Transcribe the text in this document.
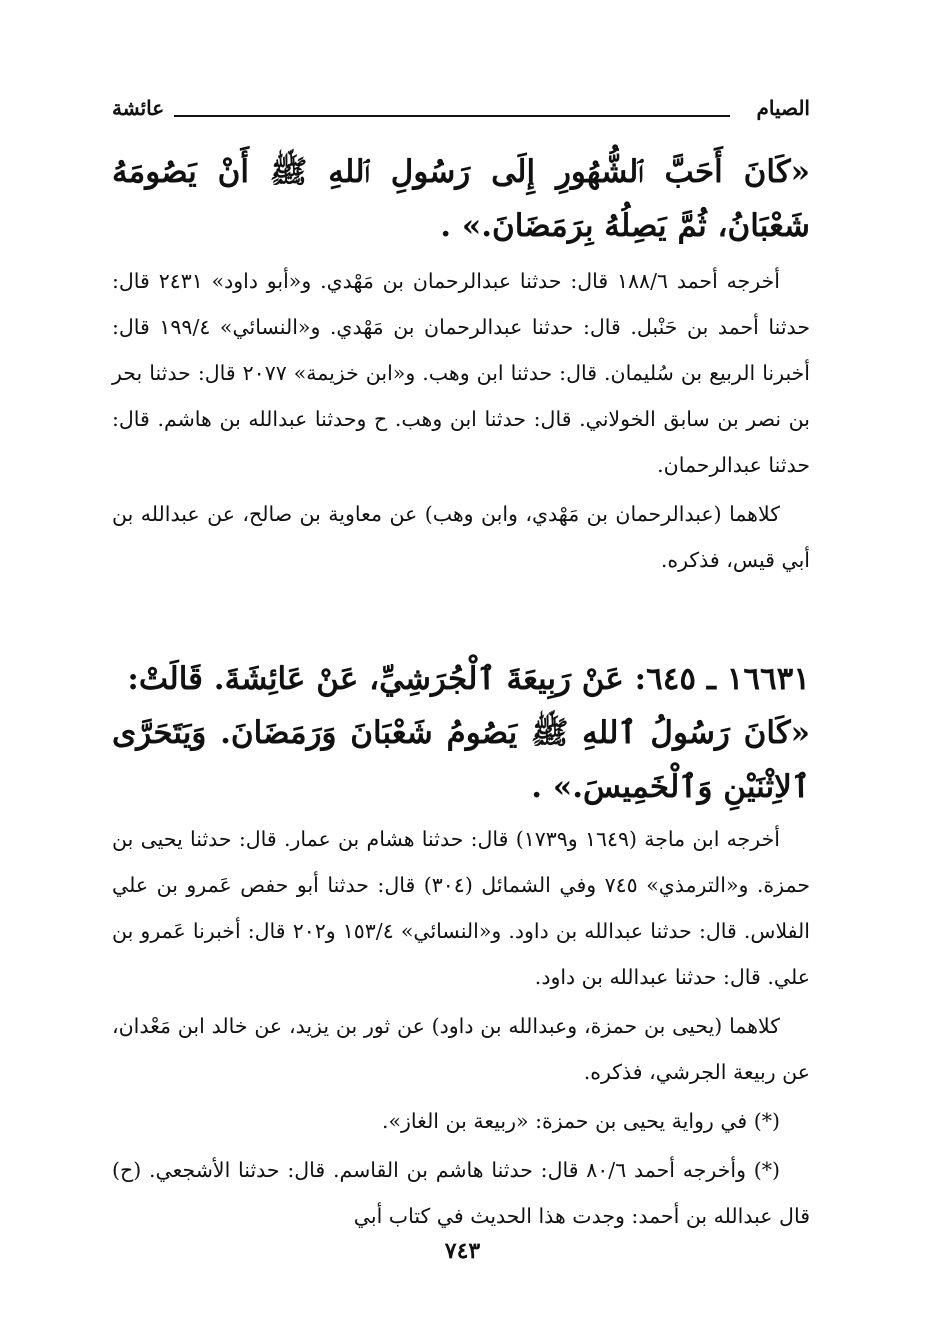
الصيام
عائشة
«كَانَ أَحَبَّ ٱلشُّهُورِ إِلَى رَسُولِ ٱللهِ ﷺ أَنْ يَصُومَهُ شَعْبَانُ، ثُمَّ يَصِلُهُ بِرَمَضَانَ.» .

أخرجه أحمد ١٨٨/٦ قال: حدثنا عبدالرحمان بن مَهْدي. و«أبو داود» ٢٤٣١ قال: حدثنا أحمد بن حَنْبل. قال: حدثنا عبدالرحمان بن مَهْدي. و«النسائي» ١٩٩/٤ قال: أخبرنا الربيع بن سُليمان. قال: حدثنا ابن وهب. و«ابن خزيمة» ٢٠٧٧ قال: حدثنا بحر بن نصر بن سابق الخولاني. قال: حدثنا ابن وهب. ح وحدثنا عبدالله بن هاشم. قال: حدثنا عبدالرحمان.

كلاهما (عبدالرحمان بن مَهْدي، وابن وهب) عن معاوية بن صالح، عن عبدالله بن أبي قيس، فذكره.

١٦٦٣١ ـ ٦٤٥: عَنْ رَبِيعَةَ ٱلْجُرَشِيِّ، عَنْ عَائِشَةَ. قَالَتْ:
«كَانَ رَسُولُ ٱللهِ ﷺ يَصُومُ شَعْبَانَ وَرَمَضَانَ. وَيَتَحَرَّى ٱلاِثْنَيْنِ وَٱلْخَمِيسَ.» .

أخرجه ابن ماجة (١٦٤٩ و١٧٣٩) قال: حدثنا هشام بن عمار. قال: حدثنا يحيى بن حمزة. و«الترمذي» ٧٤٥ وفي الشمائل (٣٠٤) قال: حدثنا أبو حفص عَمرو بن علي الفلاس. قال: حدثنا عبدالله بن داود. و«النسائي» ١٥٣/٤ و٢٠٢ قال: أخبرنا عَمرو بن علي. قال: حدثنا عبدالله بن داود.

كلاهما (يحيى بن حمزة، وعبدالله بن داود) عن ثور بن يزيد، عن خالد ابن مَعْدان، عن ربيعة الجرشي، فذكره.

(*) في رواية يحيى بن حمزة: «ربيعة بن الغاز».

(*) وأخرجه أحمد ٨٠/٦ قال: حدثنا هاشم بن القاسم. قال: حدثنا الأشجعي. (ح) قال عبدالله بن أحمد: وجدت هذا الحديث في كتاب أبي

٧٤٣
